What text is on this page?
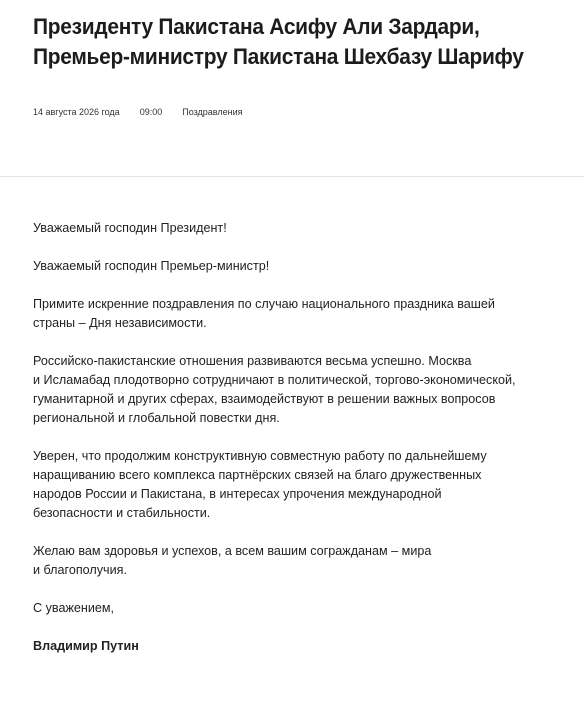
Президенту Пакистана Асифу Али Зардари,
Премьер-министру Пакистана Шехбазу Шарифу
14 августа 2026 года 09:00 Поздравления

Уважаемый господин Президент!

Уважаемый господин Премьер-министр!

Примите искренние поздравления по случаю национального праздника вашей
страны – Дня независимости.

Российско-пакистанские отношения развиваются весьма успешно. Москва
и Исламабад плодотворно сотрудничают в политической, торгово-экономической,
гуманитарной и других сферах, взаимодействуют в решении важных вопросов
региональной и глобальной повестки дня.

Уверен, что продолжим конструктивную совместную работу по дальнейшему
наращиванию всего комплекса партнёрских связей на благо дружественных
народов России и Пакистана, в интересах упрочения международной
безопасности и стабильности.

Желаю вам здоровья и успехов, а всем вашим согражданам – мира
и благополучия.

С уважением,

Владимир Путин
